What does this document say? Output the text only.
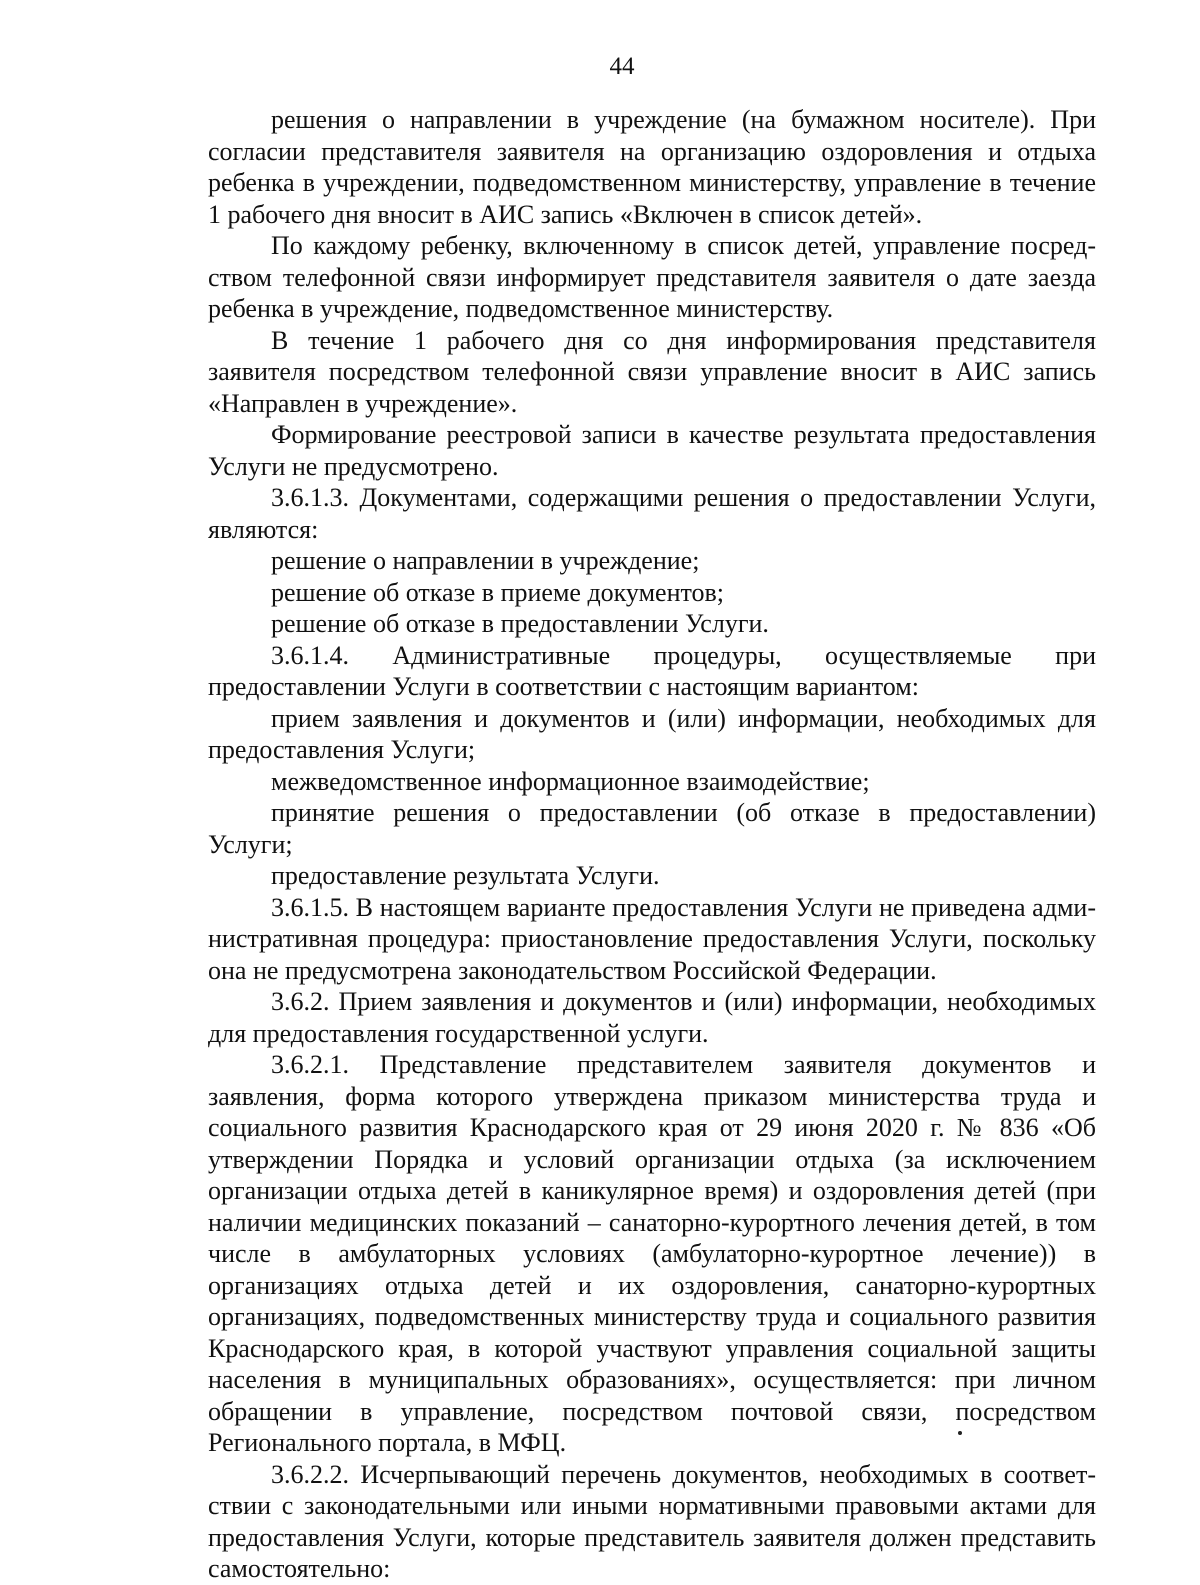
44

решения о направлении в учреждение (на бумажном носителе). При согласии представителя заявителя на организацию оздоровления и отдыха ребенка в учреждении, подведомственном министерству, управление в течение 1 рабочего дня вносит в АИС запись «Включен в список детей».

По каждому ребенку, включенному в список детей, управление посредством телефонной связи информирует представителя заявителя о дате заезда ребенка в учреждение, подведомственное министерству.

В течение 1 рабочего дня со дня информирования представителя заявителя посредством телефонной связи управление вносит в АИС запись «Направлен в учреждение».

Формирование реестровой записи в качестве результата предоставления Услуги не предусмотрено.

3.6.1.3. Документами, содержащими решения о предоставлении Услуги, являются:

решение о направлении в учреждение;

решение об отказе в приеме документов;

решение об отказе в предоставлении Услуги.

3.6.1.4. Административные процедуры, осуществляемые при предоставлении Услуги в соответствии с настоящим вариантом:

прием заявления и документов и (или) информации, необходимых для предоставления Услуги;

межведомственное информационное взаимодействие;

принятие решения о предоставлении (об отказе в предоставлении) Услуги;

предоставление результата Услуги.

3.6.1.5. В настоящем варианте предоставления Услуги не приведена административная процедура: приостановление предоставления Услуги, поскольку она не предусмотрена законодательством Российской Федерации.

3.6.2. Прием заявления и документов и (или) информации, необходимых для предоставления государственной услуги.

3.6.2.1. Представление представителем заявителя документов и заявления, форма которого утверждена приказом министерства труда и социального развития Краснодарского края от 29 июня 2020 г. № 836 «Об утверждении Порядка и условий организации отдыха (за исключением организации отдыха детей в каникулярное время) и оздоровления детей (при наличии медицинских показаний – санаторно-курортного лечения детей, в том числе в амбулаторных условиях (амбулаторно-курортное лечение)) в организациях отдыха детей и их оздоровления, санаторно-курортных организациях, подведомственных министерству труда и социального развития Краснодарского края, в которой участвуют управления социальной защиты населения в муниципальных образованиях», осуществляется: при личном обращении в управление, посредством почтовой связи, посредством Регионального портала, в МФЦ.

3.6.2.2. Исчерпывающий перечень документов, необходимых в соответствии с законодательными или иными нормативными правовыми актами для предоставления Услуги, которые представитель заявителя должен представить самостоятельно:
